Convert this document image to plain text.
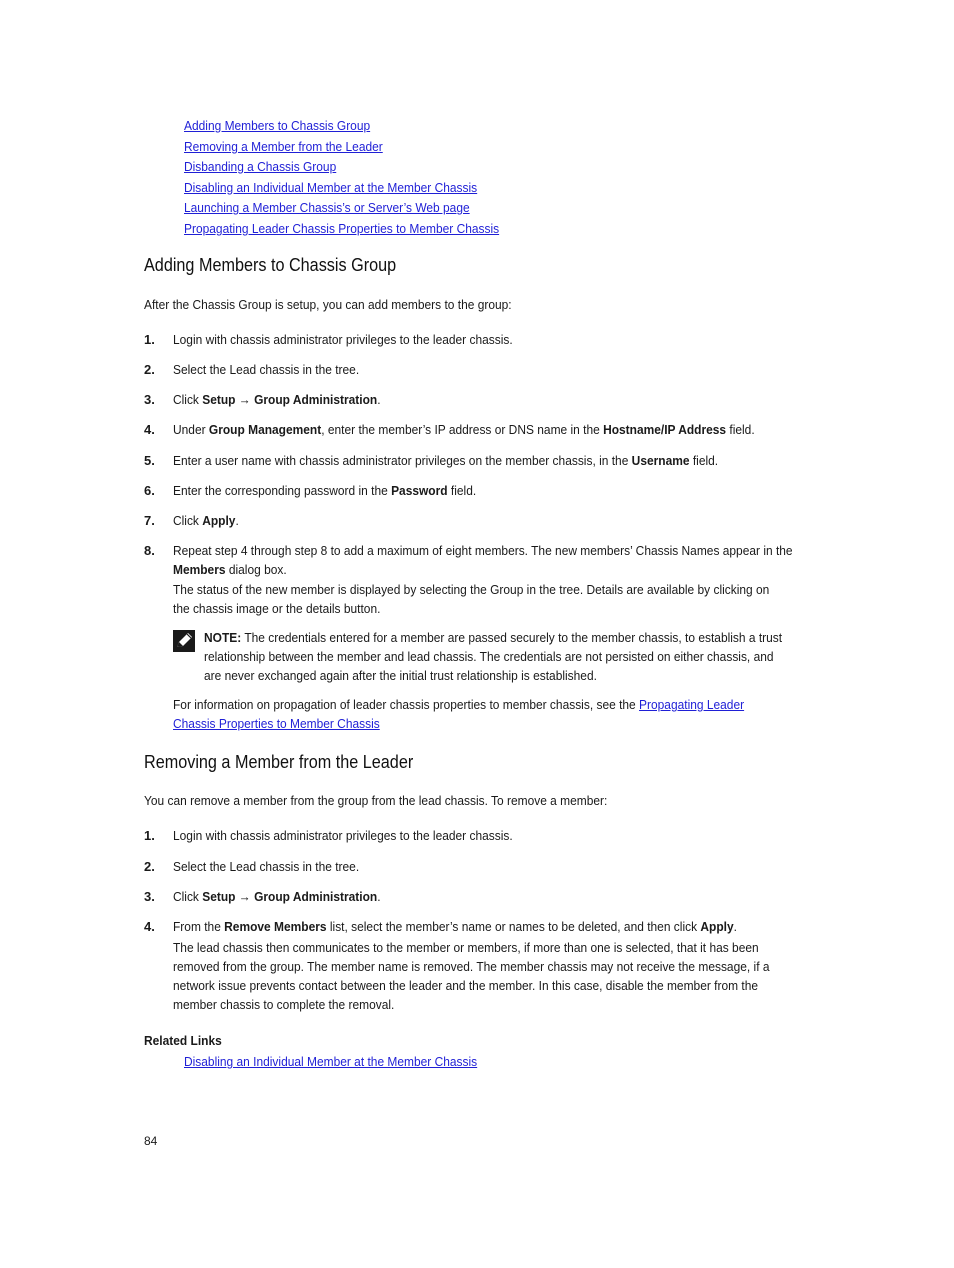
Adding Members to Chassis Group
Removing a Member from the Leader
Disbanding a Chassis Group
Disabling an Individual Member at the Member Chassis
Launching a Member Chassis’s or Server’s Web page
Propagating Leader Chassis Properties to Member Chassis
Adding Members to Chassis Group

After the Chassis Group is setup, you can add members to the group:

1. Login with chassis administrator privileges to the leader chassis.
2. Select the Lead chassis in the tree.
3. Click Setup → Group Administration.
4. Under Group Management, enter the member’s IP address or DNS name in the Hostname/IP Address field.
5. Enter a user name with chassis administrator privileges on the member chassis, in the Username field.
6. Enter the corresponding password in the Password field.
7. Click Apply.
8. Repeat step 4 through step 8 to add a maximum of eight members. The new members’ Chassis Names appear in the
Members dialog box.
The status of the new member is displayed by selecting the Group in the tree. Details are available by clicking on
the chassis image or the details button.
NOTE: The credentials entered for a member are passed securely to the member chassis, to establish a trust
relationship between the member and lead chassis. The credentials are not persisted on either chassis, and
are never exchanged again after the initial trust relationship is established.
For information on propagation of leader chassis properties to member chassis, see the Propagating Leader
Chassis Properties to Member Chassis
Removing a Member from the Leader

You can remove a member from the group from the lead chassis. To remove a member:

1. Login with chassis administrator privileges to the leader chassis.
2. Select the Lead chassis in the tree.
3. Click Setup → Group Administration.
4. From the Remove Members list, select the member’s name or names to be deleted, and then click Apply.
The lead chassis then communicates to the member or members, if more than one is selected, that it has been
removed from the group. The member name is removed. The member chassis may not receive the message, if a
network issue prevents contact between the leader and the member. In this case, disable the member from the
member chassis to complete the removal.
Related Links
Disabling an Individual Member at the Member Chassis
84
